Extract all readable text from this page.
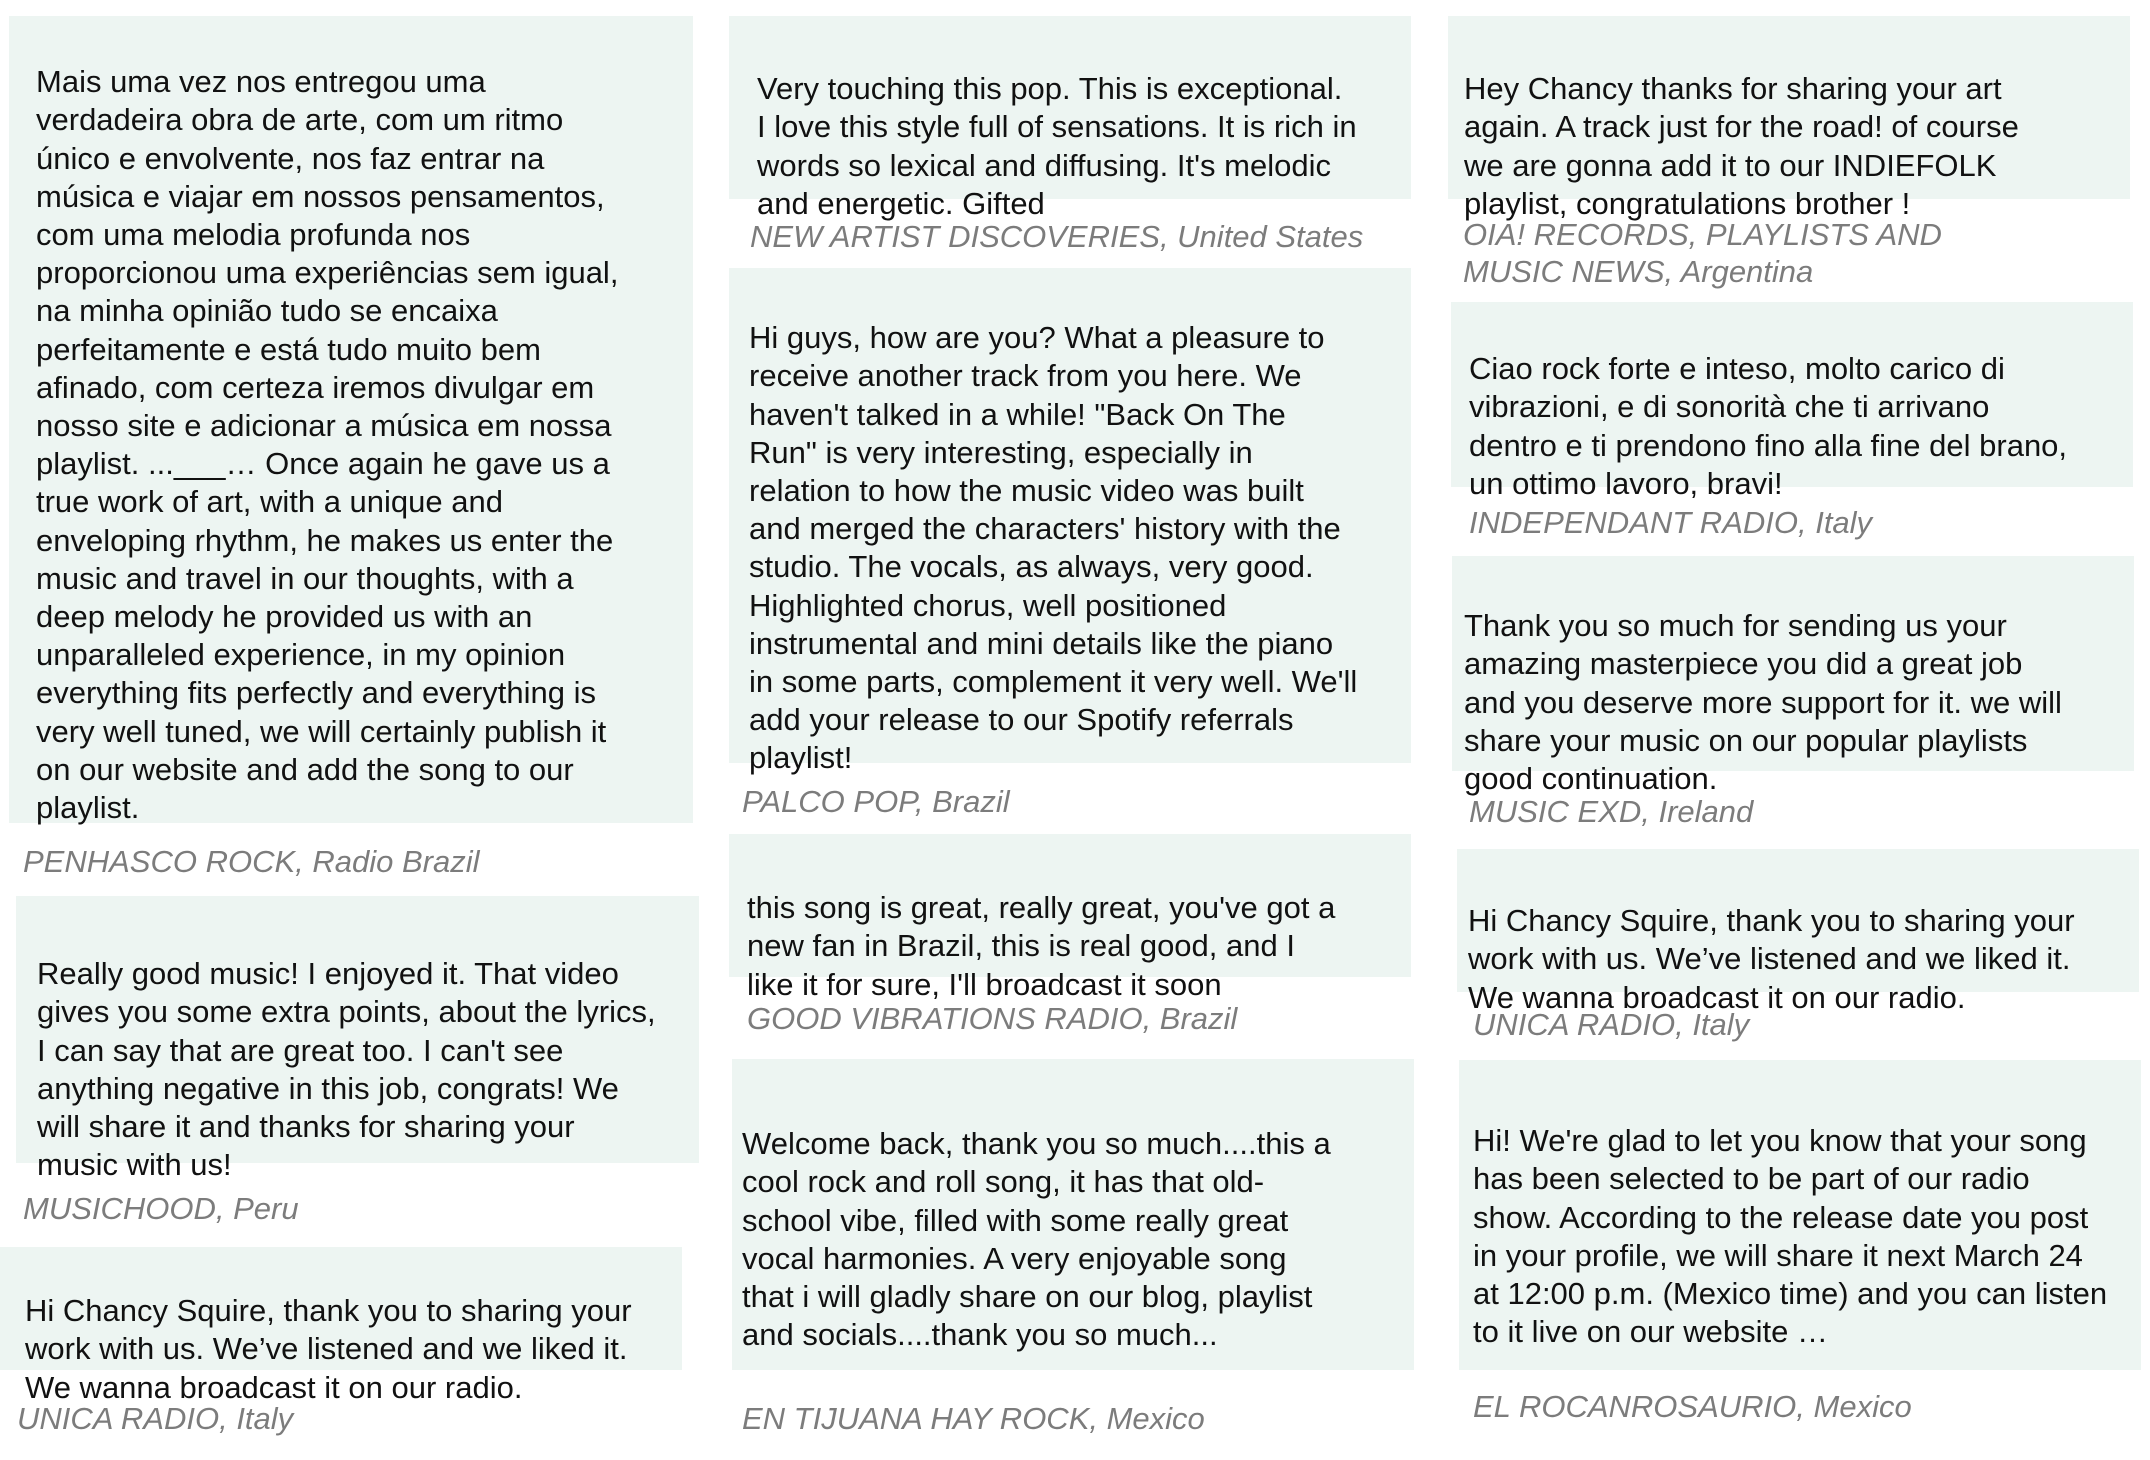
Mais uma vez nos entregou uma
verdadeira obra de arte, com um ritmo
único e envolvente, nos faz entrar na
música e viajar em nossos pensamentos,
com uma melodia profunda nos
proporcionou uma experiências sem igual,
na minha opinião tudo se encaixa
perfeitamente e está tudo muito bem
afinado, com certeza iremos divulgar em
nosso site e adicionar a música em nossa
playlist. ...___… Once again he gave us a
true work of art, with a unique and
enveloping rhythm, he makes us enter the
music and travel in our thoughts, with a
deep melody he provided us with an
unparalleled experience, in my opinion
everything fits perfectly and everything is
very well tuned, we will certainly publish it
on our website and add the song to our
playlist.

PENHASCO ROCK, Radio Brazil

Really good music! I enjoyed it. That video
gives you some extra points, about the lyrics,
I can say that are great too. I can't see
anything negative in this job, congrats! We
will share it and thanks for sharing your
music with us!

MUSICHOOD, Peru

Hi Chancy Squire, thank you to sharing your
work with us. We’ve listened and we liked it.
We wanna broadcast it on our radio.

UNICA RADIO, Italy

Very touching this pop. This is exceptional.
I love this style full of sensations. It is rich in
words so lexical and diffusing. It's melodic
and energetic. Gifted

NEW ARTIST DISCOVERIES, United States

Hi guys, how are you? What a pleasure to
receive another track from you here. We
haven't talked in a while! "Back On The
Run" is very interesting, especially in
relation to how the music video was built
and merged the characters' history with the
studio. The vocals, as always, very good.
Highlighted chorus, well positioned
instrumental and mini details like the piano
in some parts, complement it very well. We'll
add your release to our Spotify referrals
playlist!

PALCO POP, Brazil

this song is great, really great, you've got a
new fan in Brazil, this is real good, and I
like it for sure, I'll broadcast it soon

GOOD VIBRATIONS RADIO, Brazil

Welcome back, thank you so much....this a
cool rock and roll song, it has that old-
school vibe, filled with some really great
vocal harmonies. A very enjoyable song
that i will gladly share on our blog, playlist
and socials....thank you so much...

EN TIJUANA HAY ROCK, Mexico

Hey Chancy thanks for sharing your art
again. A track just for the road! of course
we are gonna add it to our INDIEFOLK
playlist, congratulations brother !

OIA! RECORDS, PLAYLISTS AND
MUSIC NEWS, Argentina

Ciao rock forte e inteso, molto carico di
vibrazioni, e di sonorità che ti arrivano
dentro e ti prendono fino alla fine del brano,
un ottimo lavoro, bravi!

INDEPENDANT RADIO, Italy

Thank you so much for sending us your
amazing masterpiece you did a great job
and you deserve more support for it. we will
share your music on our popular playlists
good continuation.

MUSIC EXD, Ireland

Hi Chancy Squire, thank you to sharing your
work with us. We’ve listened and we liked it.
We wanna broadcast it on our radio.

UNICA RADIO, Italy

Hi! We're glad to let you know that your song
has been selected to be part of our radio
show. According to the release date you post
in your profile, we will share it next March 24
at 12:00 p.m. (Mexico time) and you can listen
to it live on our website …

EL ROCANROSAURIO, Mexico
